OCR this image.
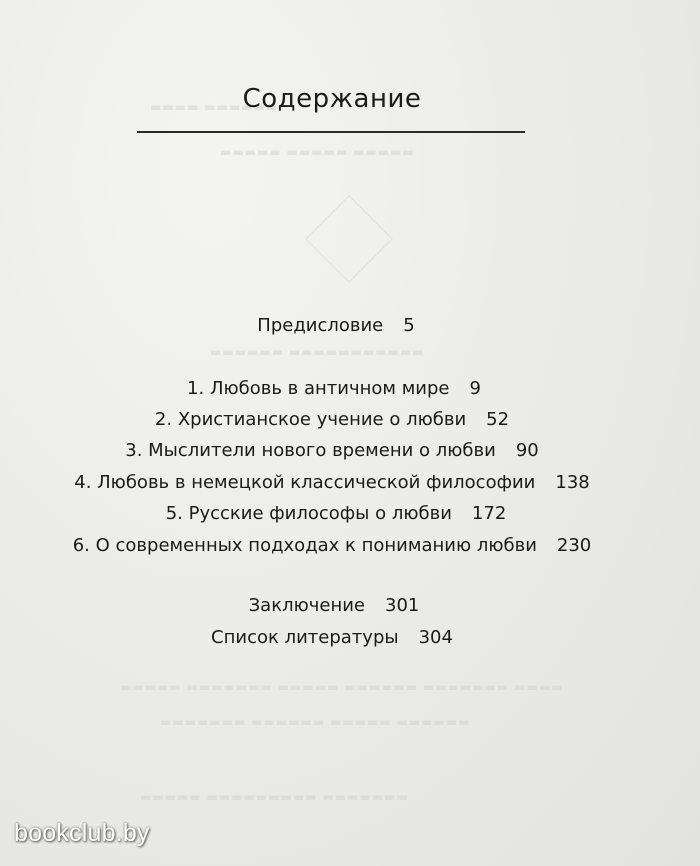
▬▬▬▬ ▬▬▬▬▬▬
▬▬▬▬▬ ▬▬▬▬▬ ▬▬▬▬▬
▬▬▬▬▬▬ ▬▬▬▬▬▬▬▬▬▬▬
▬▬▬▬▬ ▬▬▬▬▬▬▬ ▬▬▬▬▬ ▬▬▬▬▬▬ ▬▬▬▬▬▬▬ ▬▬▬▬
▬▬▬▬▬▬▬ ▬▬▬▬▬▬ ▬▬▬▬▬ ▬▬▬▬▬▬
▬▬▬▬▬ ▬▬▬▬▬▬▬▬▬ ▬▬▬▬▬▬▬
Содержание
Предисловие 5
1. Любовь в античном мире 9
2. Христианское учение о любви 52
3. Мыслители нового времени о любви 90
4. Любовь в немецкой классической философии 138
5. Русские философы о любви 172
6. О современных подходах к пониманию любви 230
Заключение 301
Список литературы 304
bookclub.by
